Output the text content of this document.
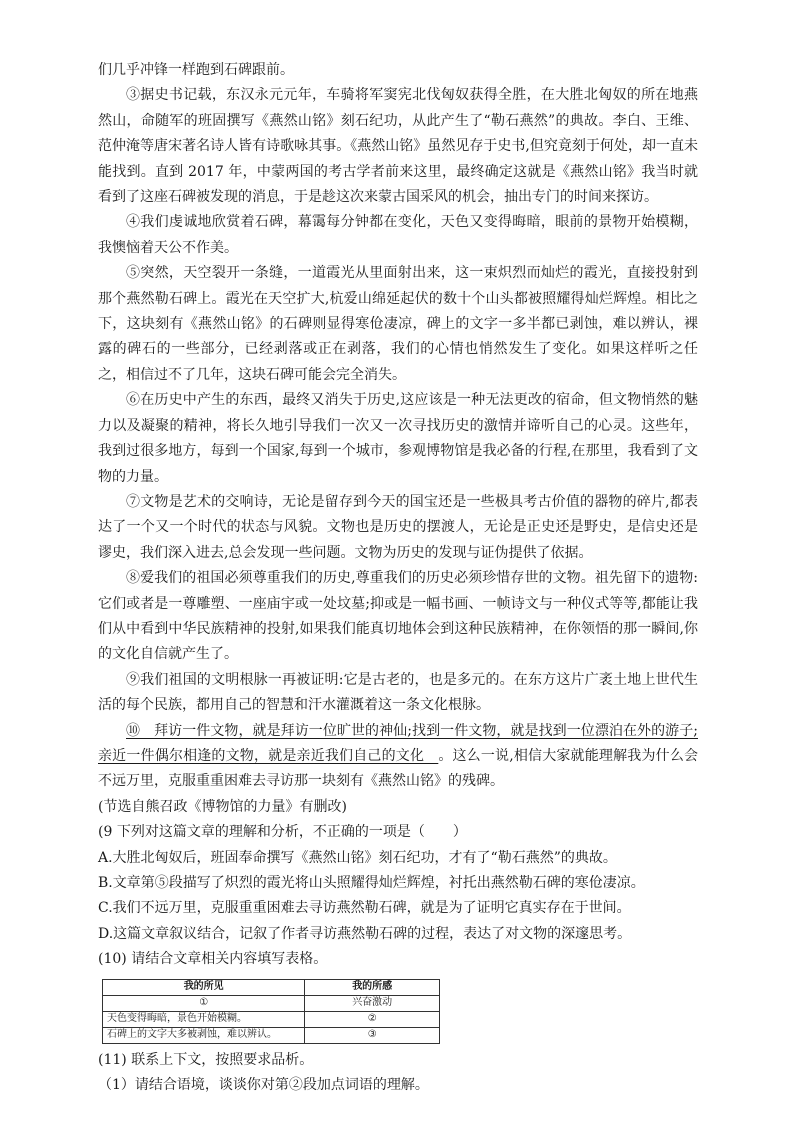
们几乎冲锋一样跑到石碑跟前。

③据史书记载，东汉永元元年，车骑将军窦宪北伐匈奴获得全胜，在大胜北匈奴的所在地燕然山，命随军的班固撰写《燕然山铭》刻石纪功，从此产生了“勒石燕然”的典故。李白、王维、范仲淹等唐宋著名诗人皆有诗歌咏其事。《燕然山铭》虽然见存于史书,但究竟刻于何处，却一直未能找到。直到 2017 年，中蒙两国的考古学者前来这里，最终确定这就是《燕然山铭》我当时就看到了这座石碑被发现的消息，于是趁这次来蒙古国采风的机会，抽出专门的时间来探访。

④我们虔诚地欣赏着石碑，幕霭每分钟都在变化，天色又变得晦暗，眼前的景物开始模糊，我懊恼着天公不作美。

⑤突然，天空裂开一条缝，一道霞光从里面射出来，这一束炽烈而灿烂的霞光，直接投射到那个燕然勒石碑上。霞光在天空扩大,杭爱山绵延起伏的数十个山头都被照耀得灿烂辉煌。相比之下，这块刻有《燕然山铭》的石碑则显得寒伧凄凉，碑上的文字一多半都已剥蚀，难以辨认，裸露的碑石的一些部分，已经剥落或正在剥落，我们的心情也悄然发生了变化。如果这样听之任之，相信过不了几年，这块石碑可能会完全消失。

⑥在历史中产生的东西，最终又消失于历史,这应该是一种无法更改的宿命，但文物悄然的魅力以及凝聚的精神，将长久地引导我们一次又一次寻找历史的激情并谛听自己的心灵。这些年，我到过很多地方，每到一个国家,每到一个城市，参观博物馆是我必备的行程,在那里，我看到了文物的力量。

⑦文物是艺术的交响诗，无论是留存到今天的国宝还是一些极具考古价值的器物的碎片,都表达了一个又一个时代的状态与风貌。文物也是历史的摆渡人，无论是正史还是野史，是信史还是谬史，我们深入进去,总会发现一些问题。文物为历史的发现与证伪提供了依据。

⑧爱我们的祖国必须尊重我们的历史,尊重我们的历史必须珍惜存世的文物。祖先留下的遗物:它们或者是一尊雕塑、一座庙宇或一处坟墓;抑或是一幅书画、一帧诗文与一种仪式等等,都能让我们从中看到中华民族精神的投射,如果我们能真切地体会到这种民族精神，在你领悟的那一瞬间,你的文化自信就产生了。

⑨我们祖国的文明根脉一再被证明:它是古老的，也是多元的。在东方这片广袤土地上世代生活的每个民族，都用自己的智慧和汗水灌溉着这一条文化根脉。

⑩　拜访一件文物，就是拜访一位旷世的神仙;找到一件文物，就是找到一位漂泊在外的游子;亲近一件偶尔相逢的文物，就是亲近我们自己的文化　。这么一说,相信大家就能理解我为什么会不远万里，克服重重困难去寻访那一块刻有《燕然山铭》的残碑。

(节选自熊召政《博物馆的力量》有删改)

(9 下列对这篇文章的理解和分析，不正确的一项是（　　）

A.大胜北匈奴后，班固奉命撰写《燕然山铭》刻石纪功，才有了“勒石燕然”的典故。

B.文章第⑤段描写了炽烈的霞光将山头照耀得灿烂辉煌，衬托出燕然勒石碑的寒伧凄凉。

C.我们不远万里，克服重重困难去寻访燕然勒石碑，就是为了证明它真实存在于世间。

D.这篇文章叙议结合，记叙了作者寻访燕然勒石碑的过程，表达了对文物的深邃思考。

(10) 请结合文章相关内容填写表格。

我的所见	我的所感
①	兴奋激动
天色变得晦暗，景色开始模糊。	②
石碑上的文字大多被剥蚀，难以辨认。	③

(11) 联系上下文，按照要求品析。

（1）请结合语境，谈谈你对第②段加点词语的理解。
